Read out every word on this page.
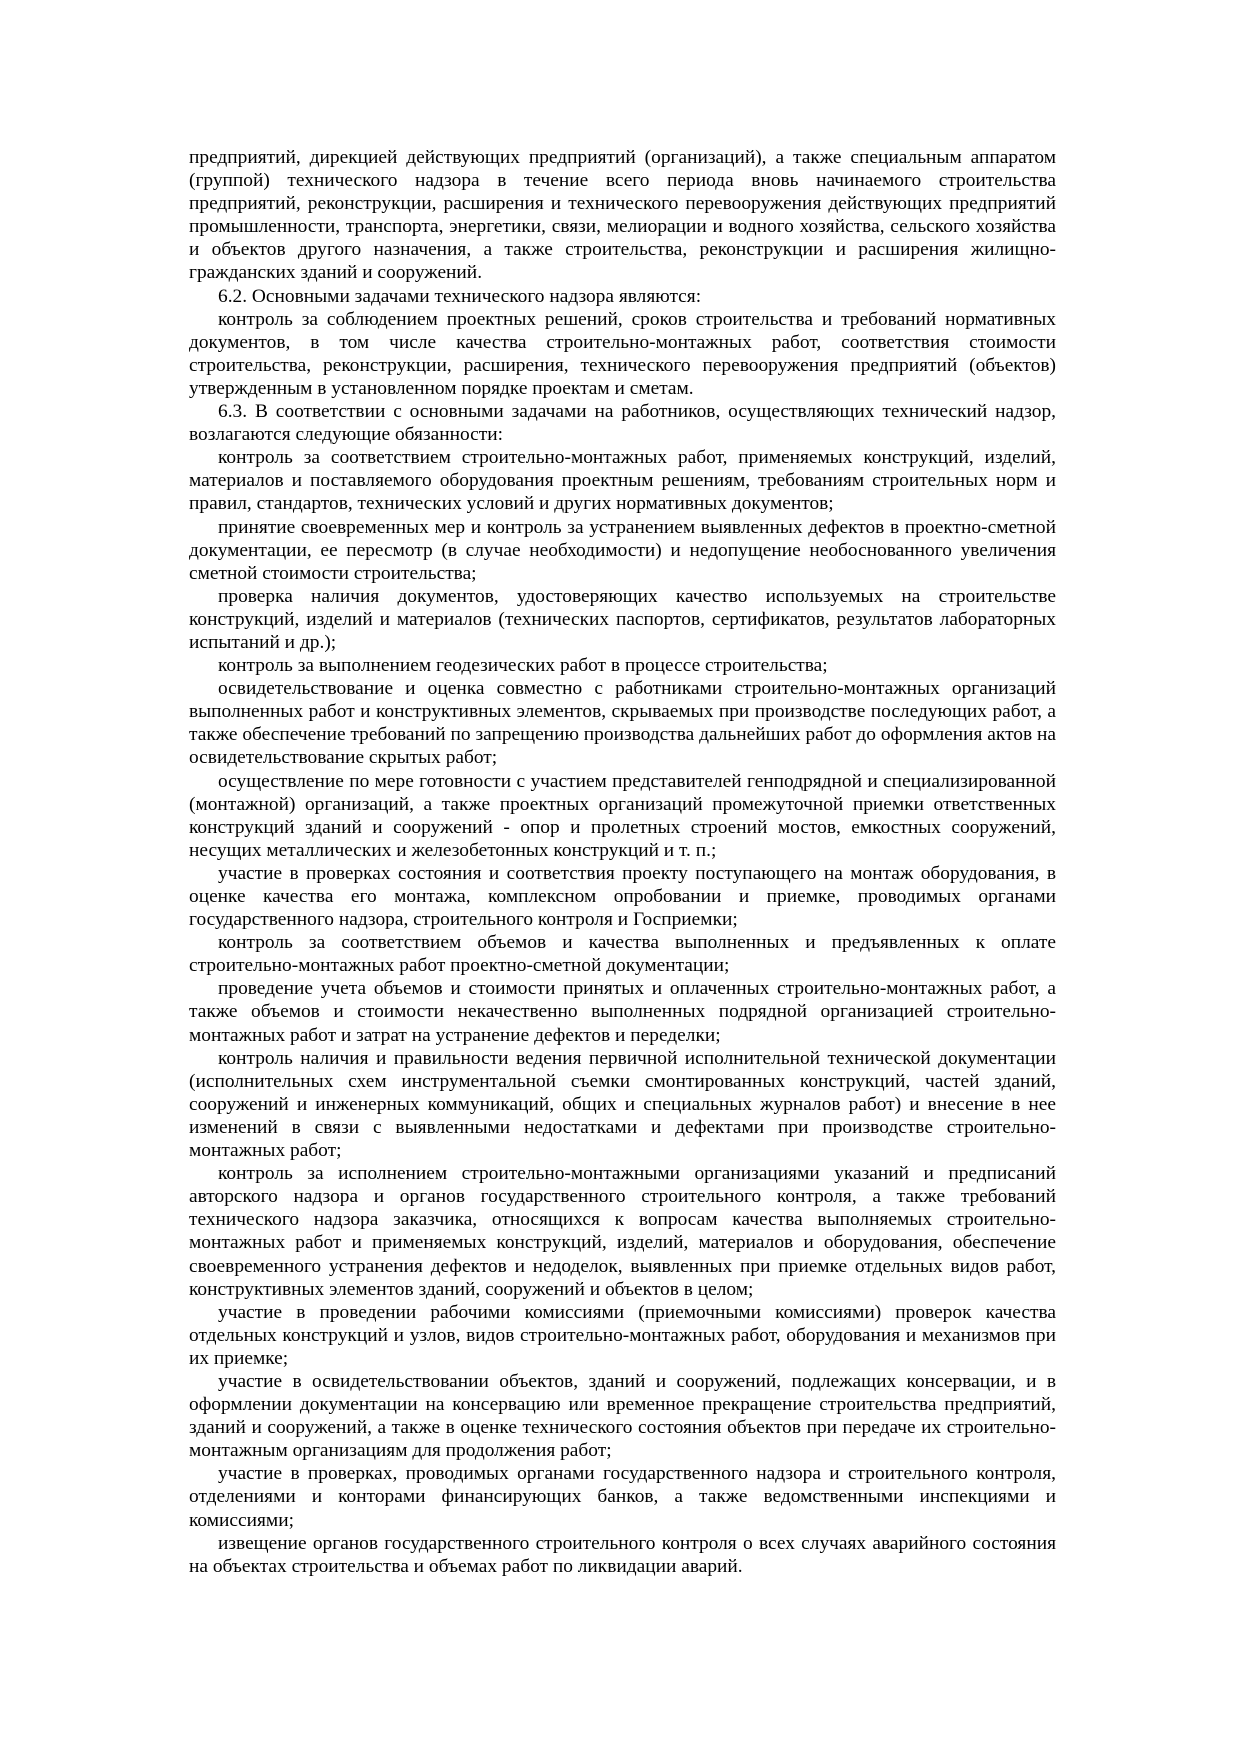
предприятий, дирекцией действующих предприятий (организаций), а также специальным аппаратом (группой) технического надзора в течение всего периода вновь начинаемого строительства предприятий, реконструкции, расширения и технического перевооружения действующих предприятий промышленности, транспорта, энергетики, связи, мелиорации и водного хозяйства, сельского хозяйства и объектов другого назначения, а также строительства, реконструкции и расширения жилищно-гражданских зданий и сооружений.

6.2. Основными задачами технического надзора являются:

контроль за соблюдением проектных решений, сроков строительства и требований нормативных документов, в том числе качества строительно-монтажных работ, соответствия стоимости строительства, реконструкции, расширения, технического перевооружения предприятий (объектов) утвержденным в установленном порядке проектам и сметам.

6.3. В соответствии с основными задачами на работников, осуществляющих технический надзор, возлагаются следующие обязанности:

контроль за соответствием строительно-монтажных работ, применяемых конструкций, изделий, материалов и поставляемого оборудования проектным решениям, требованиям строительных норм и правил, стандартов, технических условий и других нормативных документов;

принятие своевременных мер и контроль за устранением выявленных дефектов в проектно-сметной документации, ее пересмотр (в случае необходимости) и недопущение необоснованного увеличения сметной стоимости строительства;

проверка наличия документов, удостоверяющих качество используемых на строительстве конструкций, изделий и материалов (технических паспортов, сертификатов, результатов лабораторных испытаний и др.);

контроль за выполнением геодезических работ в процессе строительства;

освидетельствование и оценка совместно с работниками строительно-монтажных организаций выполненных работ и конструктивных элементов, скрываемых при производстве последующих работ, а также обеспечение требований по запрещению производства дальнейших работ до оформления актов на освидетельствование скрытых работ;

осуществление по мере готовности с участием представителей генподрядной и специализированной (монтажной) организаций, а также проектных организаций промежуточной приемки ответственных конструкций зданий и сооружений - опор и пролетных строений мостов, емкостных сооружений, несущих металлических и железобетонных конструкций и т. п.;

участие в проверках состояния и соответствия проекту поступающего на монтаж оборудования, в оценке качества его монтажа, комплексном опробовании и приемке, проводимых органами государственного надзора, строительного контроля и Госприемки;

контроль за соответствием объемов и качества выполненных и предъявленных к оплате строительно-монтажных работ проектно-сметной документации;

проведение учета объемов и стоимости принятых и оплаченных строительно-монтажных работ, а также объемов и стоимости некачественно выполненных подрядной организацией строительно-монтажных работ и затрат на устранение дефектов и переделки;

контроль наличия и правильности ведения первичной исполнительной технической документации (исполнительных схем инструментальной съемки смонтированных конструкций, частей зданий, сооружений и инженерных коммуникаций, общих и специальных журналов работ) и внесение в нее изменений в связи с выявленными недостатками и дефектами при производстве строительно-монтажных работ;

контроль за исполнением строительно-монтажными организациями указаний и предписаний авторского надзора и органов государственного строительного контроля, а также требований технического надзора заказчика, относящихся к вопросам качества выполняемых строительно-монтажных работ и применяемых конструкций, изделий, материалов и оборудования, обеспечение своевременного устранения дефектов и недоделок, выявленных при приемке отдельных видов работ, конструктивных элементов зданий, сооружений и объектов в целом;

участие в проведении рабочими комиссиями (приемочными комиссиями) проверок качества отдельных конструкций и узлов, видов строительно-монтажных работ, оборудования и механизмов при их приемке;

участие в освидетельствовании объектов, зданий и сооружений, подлежащих консервации, и в оформлении документации на консервацию или временное прекращение строительства предприятий, зданий и сооружений, а также в оценке технического состояния объектов при передаче их строительно-монтажным организациям для продолжения работ;

участие в проверках, проводимых органами государственного надзора и строительного контроля, отделениями и конторами финансирующих банков, а также ведомственными инспекциями и комиссиями;

извещение органов государственного строительного контроля о всех случаях аварийного состояния на объектах строительства и объемах работ по ликвидации аварий.
